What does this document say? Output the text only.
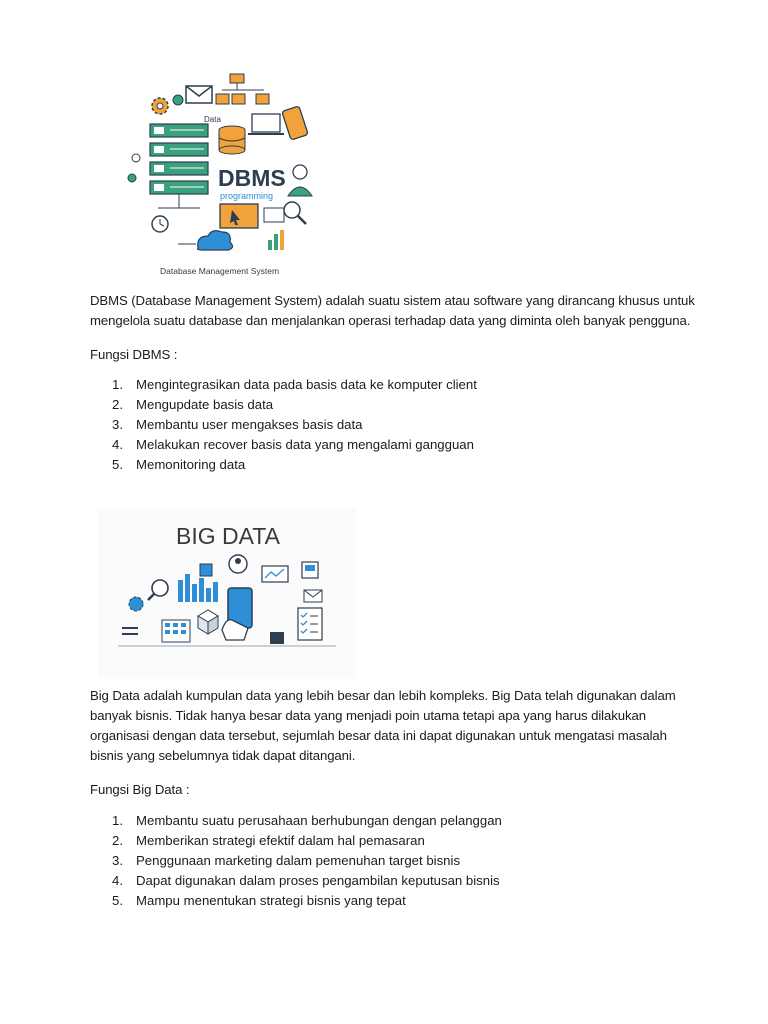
Data
DBMS
programming
Database Management System

DBMS (Database Management System) adalah suatu sistem atau software yang dirancang khusus untuk
mengelola suatu database dan menjalankan operasi terhadap data yang diminta oleh banyak pengguna.

Fungsi DBMS :

1. Mengintegrasikan data pada basis data ke komputer client
2. Mengupdate basis data
3. Membantu user mengakses basis data
4. Melakukan recover basis data yang mengalami gangguan
5. Memonitoring data
BIG DATA

Big Data adalah kumpulan data yang lebih besar dan lebih kompleks. Big Data telah digunakan dalam
banyak bisnis. Tidak hanya besar data yang menjadi poin utama tetapi apa yang harus dilakukan
organisasi dengan data tersebut, sejumlah besar data ini dapat digunakan untuk mengatasi masalah
bisnis yang sebelumnya tidak dapat ditangani.

Fungsi Big Data :

1. Membantu suatu perusahaan berhubungan dengan pelanggan
2. Memberikan strategi efektif dalam hal pemasaran
3. Penggunaan marketing dalam pemenuhan target bisnis
4. Dapat digunakan dalam proses pengambilan keputusan bisnis
5. Mampu menentukan strategi bisnis yang tepat
